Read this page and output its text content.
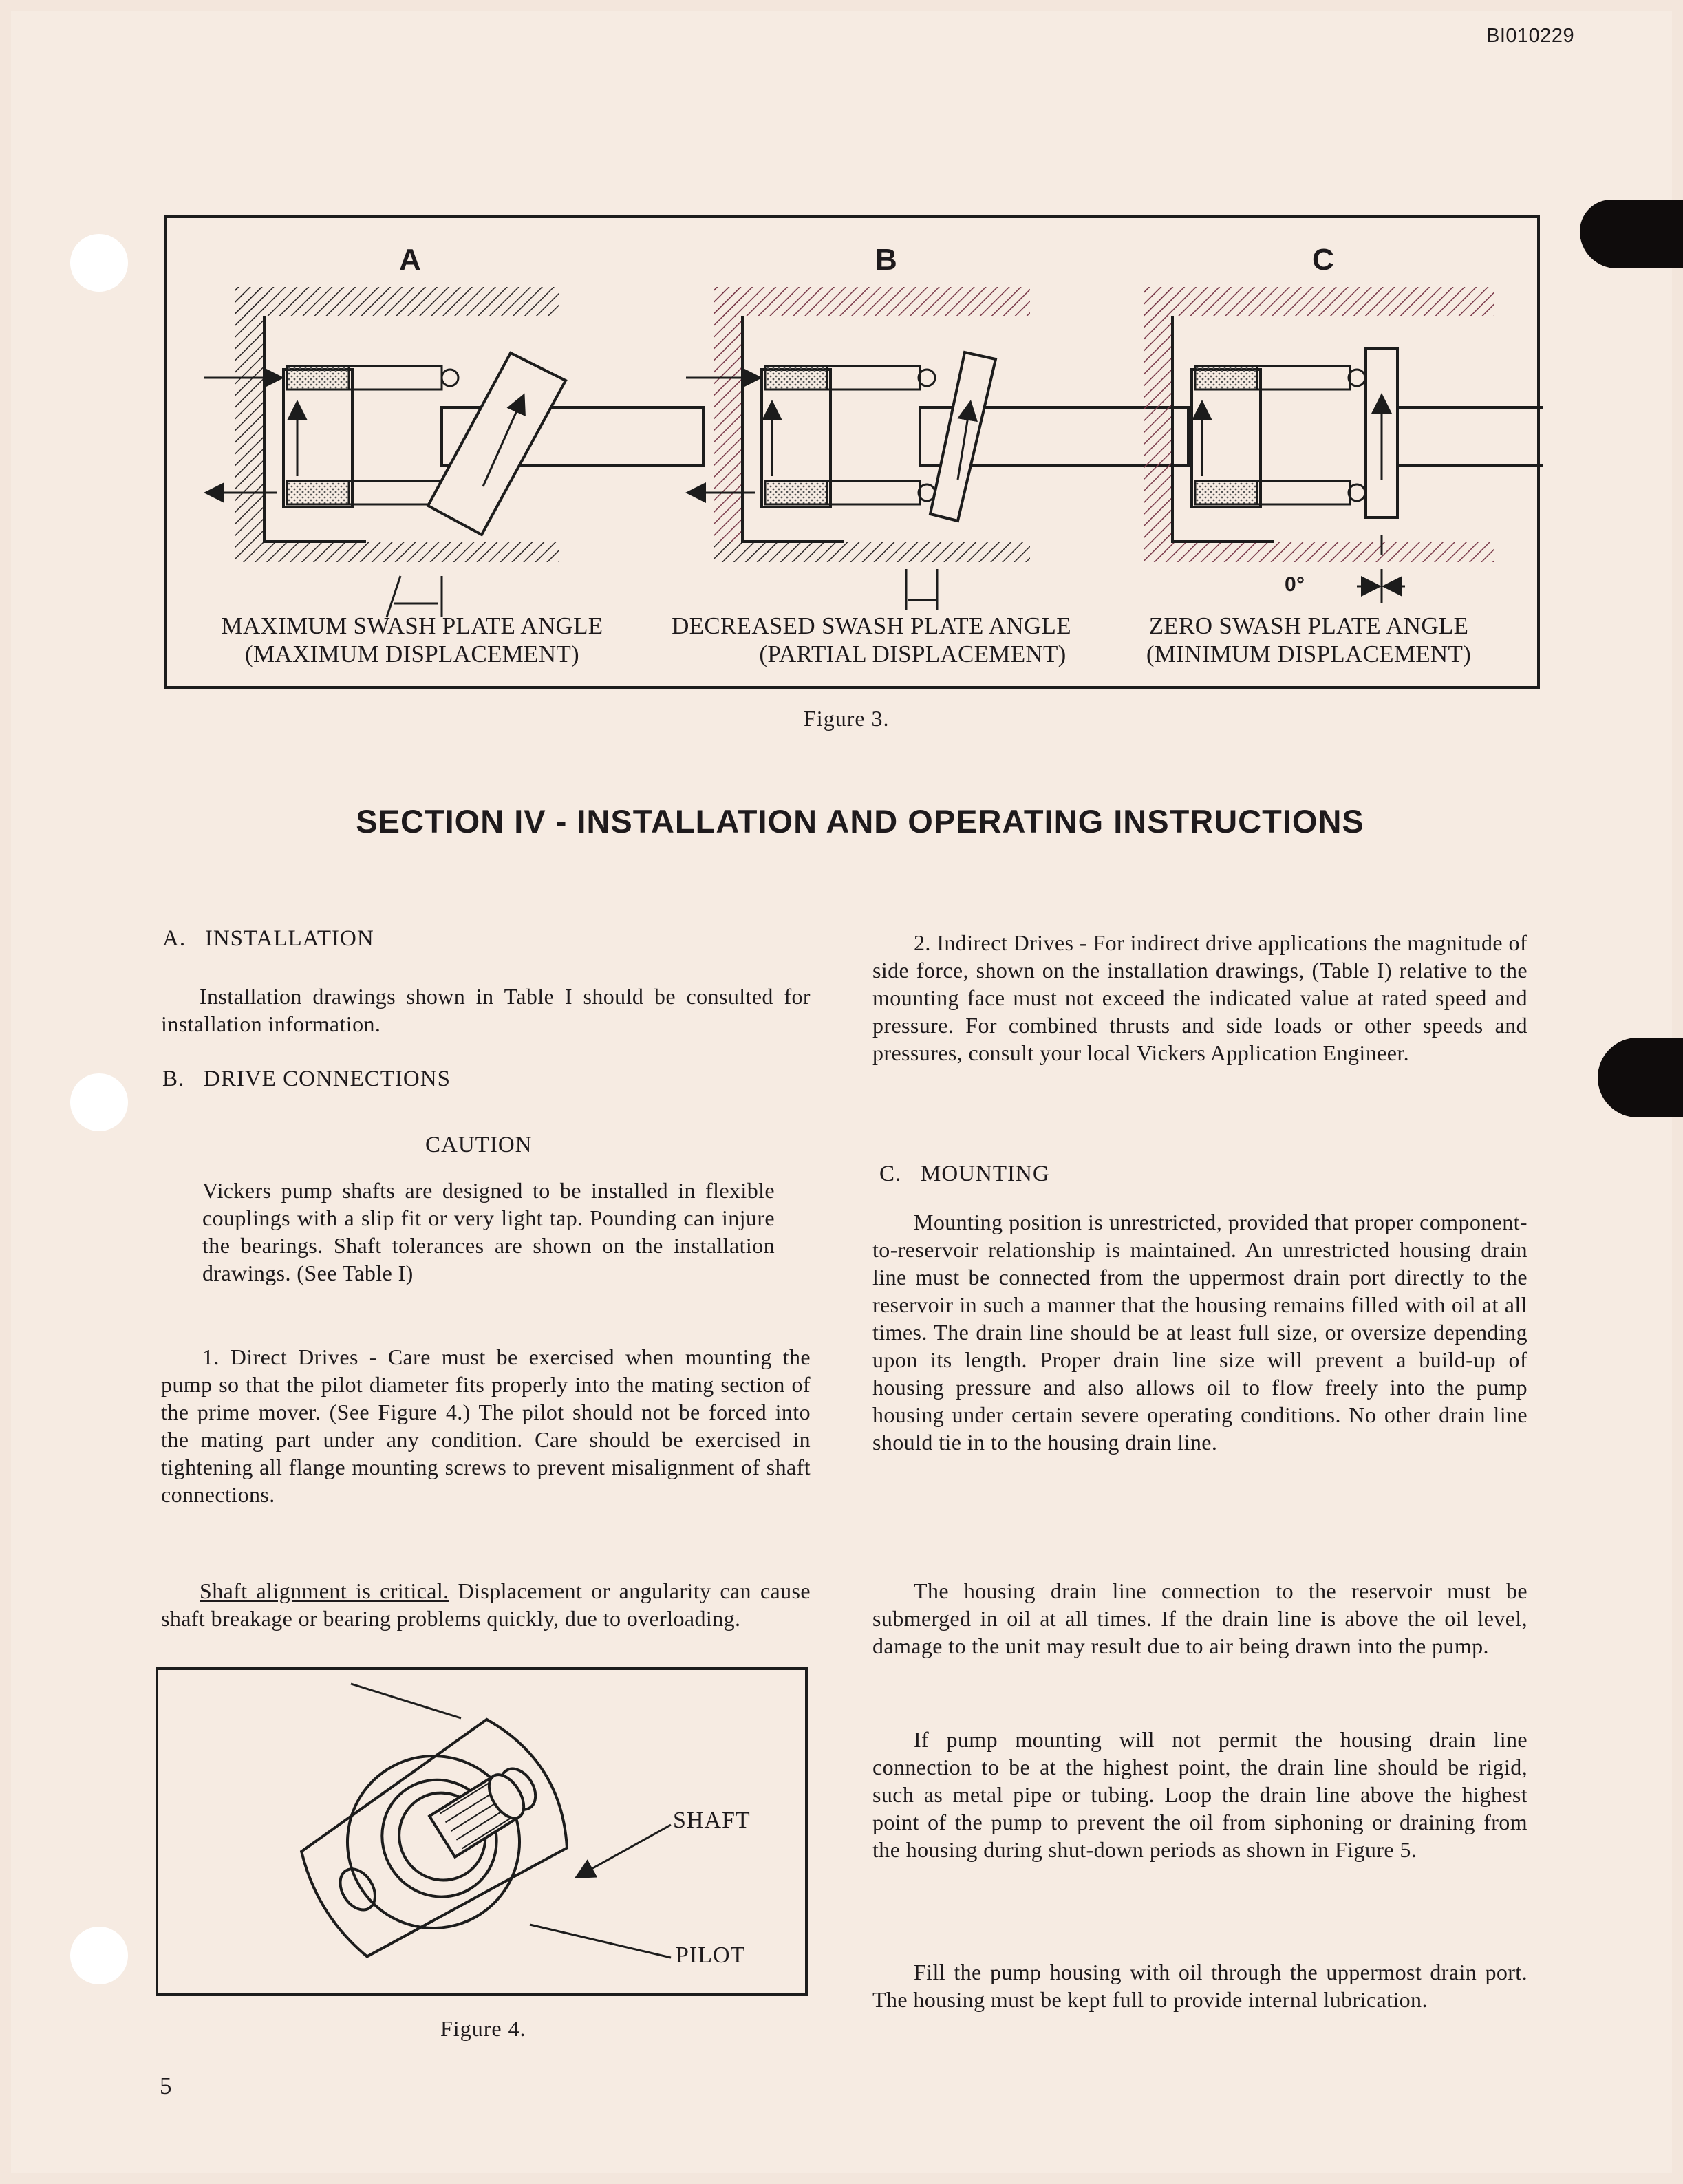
BI010229
A	B	C
0°
MAXIMUM SWASH PLATE ANGLE
(MAXIMUM DISPLACEMENT)
DECREASED SWASH PLATE ANGLE
(PARTIAL DISPLACEMENT)
ZERO SWASH PLATE ANGLE
(MINIMUM DISPLACEMENT)
Figure 3.
SECTION IV - INSTALLATION AND OPERATING INSTRUCTIONS
A.   INSTALLATION

Installation drawings shown in Table I should be consulted for installation information.

B.   DRIVE CONNECTIONS
CAUTION

Vickers pump shafts are designed to be installed in flexible couplings with a slip fit or very light tap. Pounding can injure the bearings. Shaft tolerances are shown on the installation drawings. (See Table I)

1. Direct Drives - Care must be exercised when mounting the pump so that the pilot diameter fits properly into the mating section of the prime mover. (See Figure 4.) The pilot should not be forced into the mating part under any condition. Care should be exercised in tightening all flange mounting screws to prevent misalignment of shaft connections.

Shaft alignment is critical. Displacement or angularity can cause shaft breakage or bearing problems quickly, due to overloading.

SHAFT
PILOT
Figure 4.

2. Indirect Drives - For indirect drive applications the magnitude of side force, shown on the installation drawings, (Table I) relative to the mounting face must not exceed the indicated value at rated speed and pressure. For combined thrusts and side loads or other speeds and pressures, consult your local Vickers Application Engineer.

C.   MOUNTING

Mounting position is unrestricted, provided that proper component-to-reservoir relationship is maintained. An unrestricted housing drain line must be connected from the uppermost drain port directly to the reservoir in such a manner that the housing remains filled with oil at all times. The drain line should be at least full size, or oversize depending upon its length. Proper drain line size will prevent a build-up of housing pressure and also allows oil to flow freely into the pump housing under certain severe operating conditions. No other drain line should tie in to the housing drain line.

The housing drain line connection to the reservoir must be submerged in oil at all times. If the drain line is above the oil level, damage to the unit may result due to air being drawn into the pump.

If pump mounting will not permit the housing drain line connection to be at the highest point, the drain line should be rigid, such as metal pipe or tubing. Loop the drain line above the highest point of the pump to prevent the oil from siphoning or draining from the housing during shut-down periods as shown in Figure 5.

Fill the pump housing with oil through the uppermost drain port. The housing must be kept full to provide internal lubrication.

5
